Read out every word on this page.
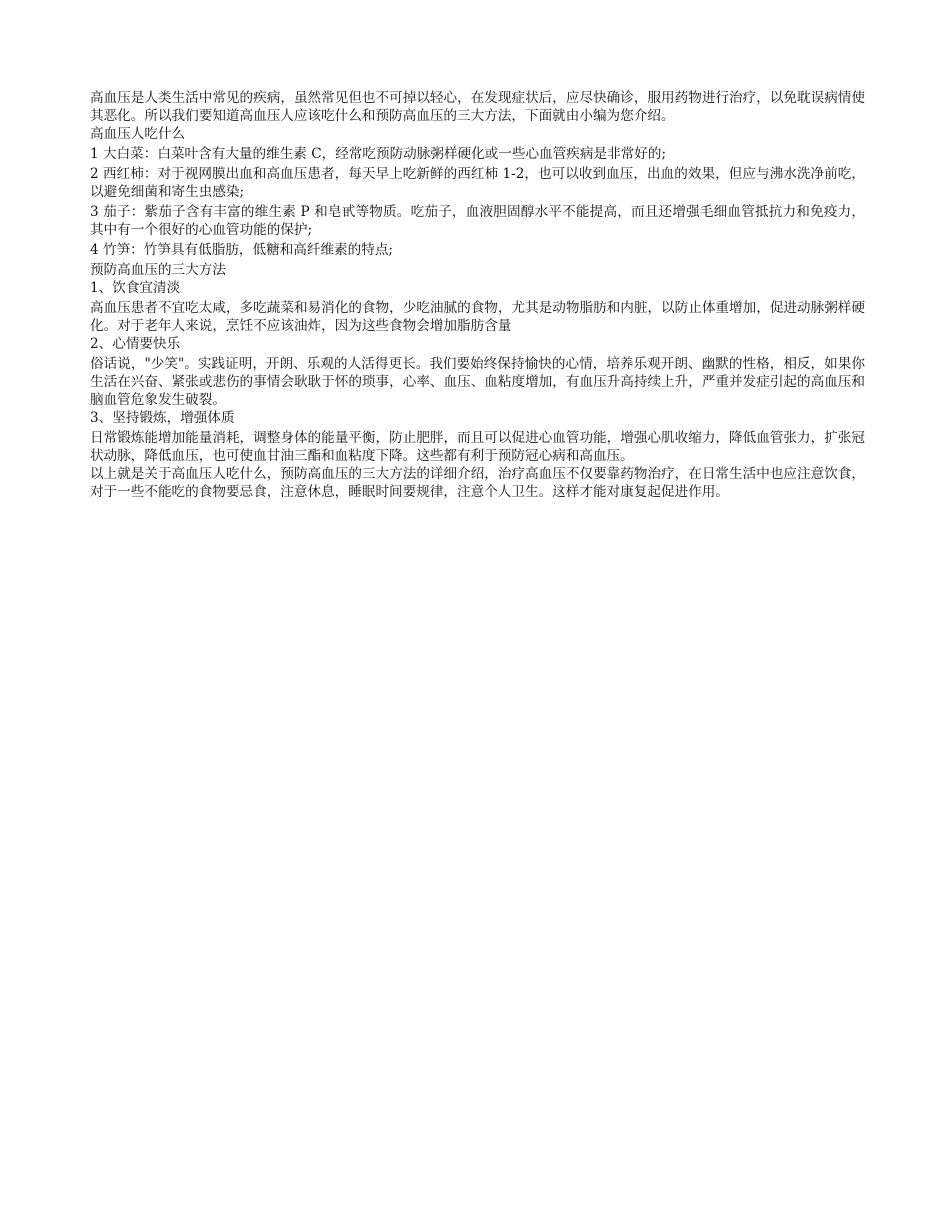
高血压是人类生活中常见的疾病，虽然常见但也不可掉以轻心，在发现症状后，应尽快确诊，服用药物进行治疗，以免耽误病情使其恶化。所以我们要知道高血压人应该吃什么和预防高血压的三大方法，下面就由小编为您介绍。

高血压人吃什么

1 大白菜：白菜叶含有大量的维生素 C，经常吃预防动脉粥样硬化或一些心血管疾病是非常好的;

2 西红柿：对于视网膜出血和高血压患者，每天早上吃新鲜的西红柿 1-2，也可以收到血压，出血的效果，但应与沸水洗净前吃，以避免细菌和寄生虫感染;

3 茄子：紫茄子含有丰富的维生素 P 和皂甙等物质。吃茄子，血液胆固醇水平不能提高，而且还增强毛细血管抵抗力和免疫力，其中有一个很好的心血管功能的保护;

4 竹笋：竹笋具有低脂肪，低糖和高纤维素的特点;

预防高血压的三大方法

1、饮食宜清淡

高血压患者不宜吃太咸，多吃蔬菜和易消化的食物，少吃油腻的食物，尤其是动物脂肪和内脏，以防止体重增加，促进动脉粥样硬化。对于老年人来说，烹饪不应该油炸，因为这些食物会增加脂肪含量

2、心情要快乐

俗话说，"少笑"。实践证明，开朗、乐观的人活得更长。我们要始终保持愉快的心情，培养乐观开朗、幽默的性格，相反，如果你生活在兴奋、紧张或悲伤的事情会耿耿于怀的琐事，心率、血压、血粘度增加，有血压升高持续上升，严重并发症引起的高血压和脑血管危象发生破裂。

3、坚持锻炼，增强体质

日常锻炼能增加能量消耗，调整身体的能量平衡，防止肥胖，而且可以促进心血管功能，增强心肌收缩力，降低血管张力，扩张冠状动脉，降低血压，也可使血甘油三酯和血粘度下降。这些都有利于预防冠心病和高血压。

以上就是关于高血压人吃什么，预防高血压的三大方法的详细介绍，治疗高血压不仅要靠药物治疗，在日常生活中也应注意饮食，对于一些不能吃的食物要忌食，注意休息，睡眠时间要规律，注意个人卫生。这样才能对康复起促进作用。
